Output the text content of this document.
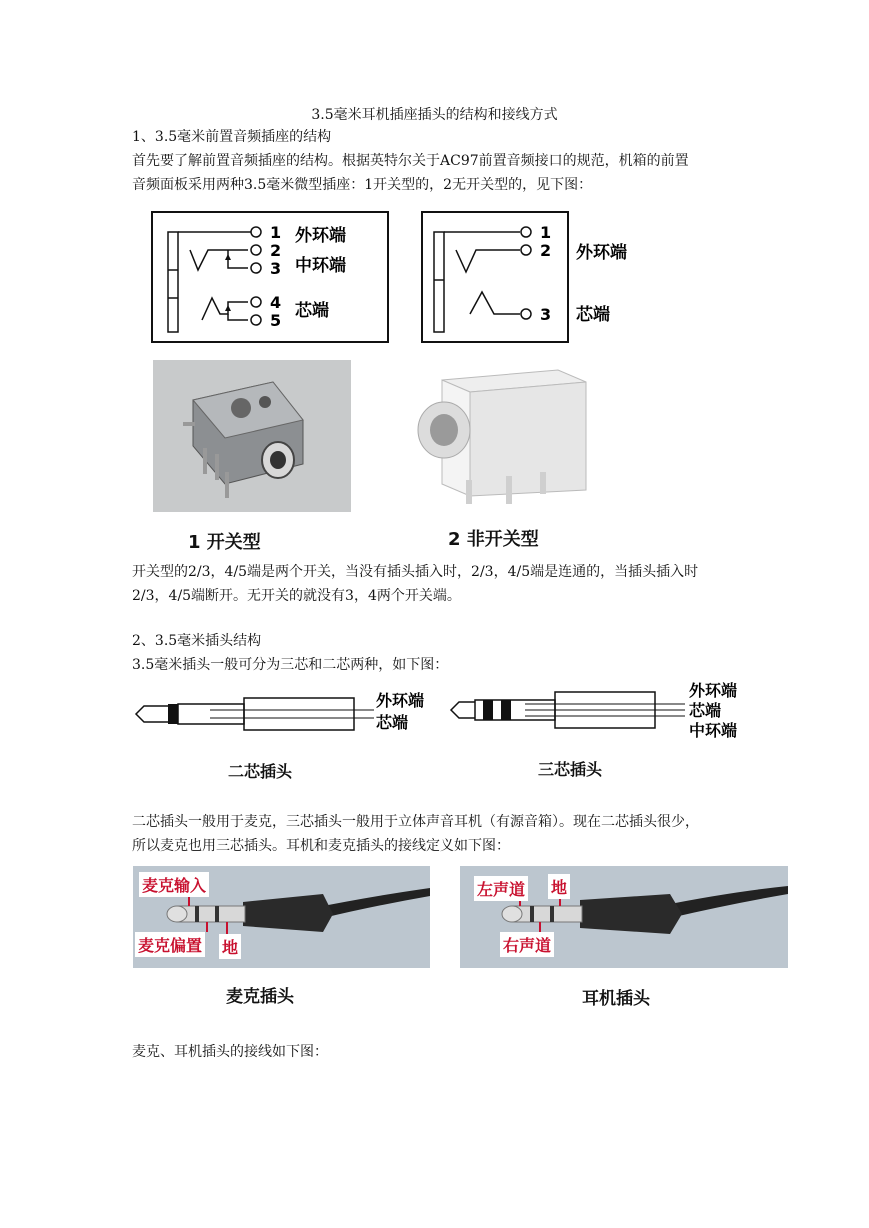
3.5毫米耳机插座插头的结构和接线方式
1、3.5毫米前置音频插座的结构
首先要了解前置音频插座的结构。根据英特尔关于AC97前置音频接口的规范，机箱的前置
音频面板采用两种3.5毫米微型插座：1开关型的，2无开关型的，见下图：
1
2
3
4
5
外环端
中环端
芯端
1
2
3
外环端
芯端
1 开关型	2 非开关型
开关型的2/3，4/5端是两个开关，当没有插头插入时，2/3，4/5端是连通的，当插头插入时
2/3，4/5端断开。无开关的就没有3，4两个开关端。
2、3.5毫米插头结构
3.5毫米插头一般可分为三芯和二芯两种，如下图：
外环端
芯端
二芯插头
外环端
芯端
中环端
三芯插头
二芯插头一般用于麦克，三芯插头一般用于立体声音耳机（有源音箱）。现在二芯插头很少，
所以麦克也用三芯插头。耳机和麦克插头的接线定义如下图：
麦克输入
麦克偏置 地
麦克插头
左声道 地
右声道
耳机插头
麦克、耳机插头的接线如下图：
